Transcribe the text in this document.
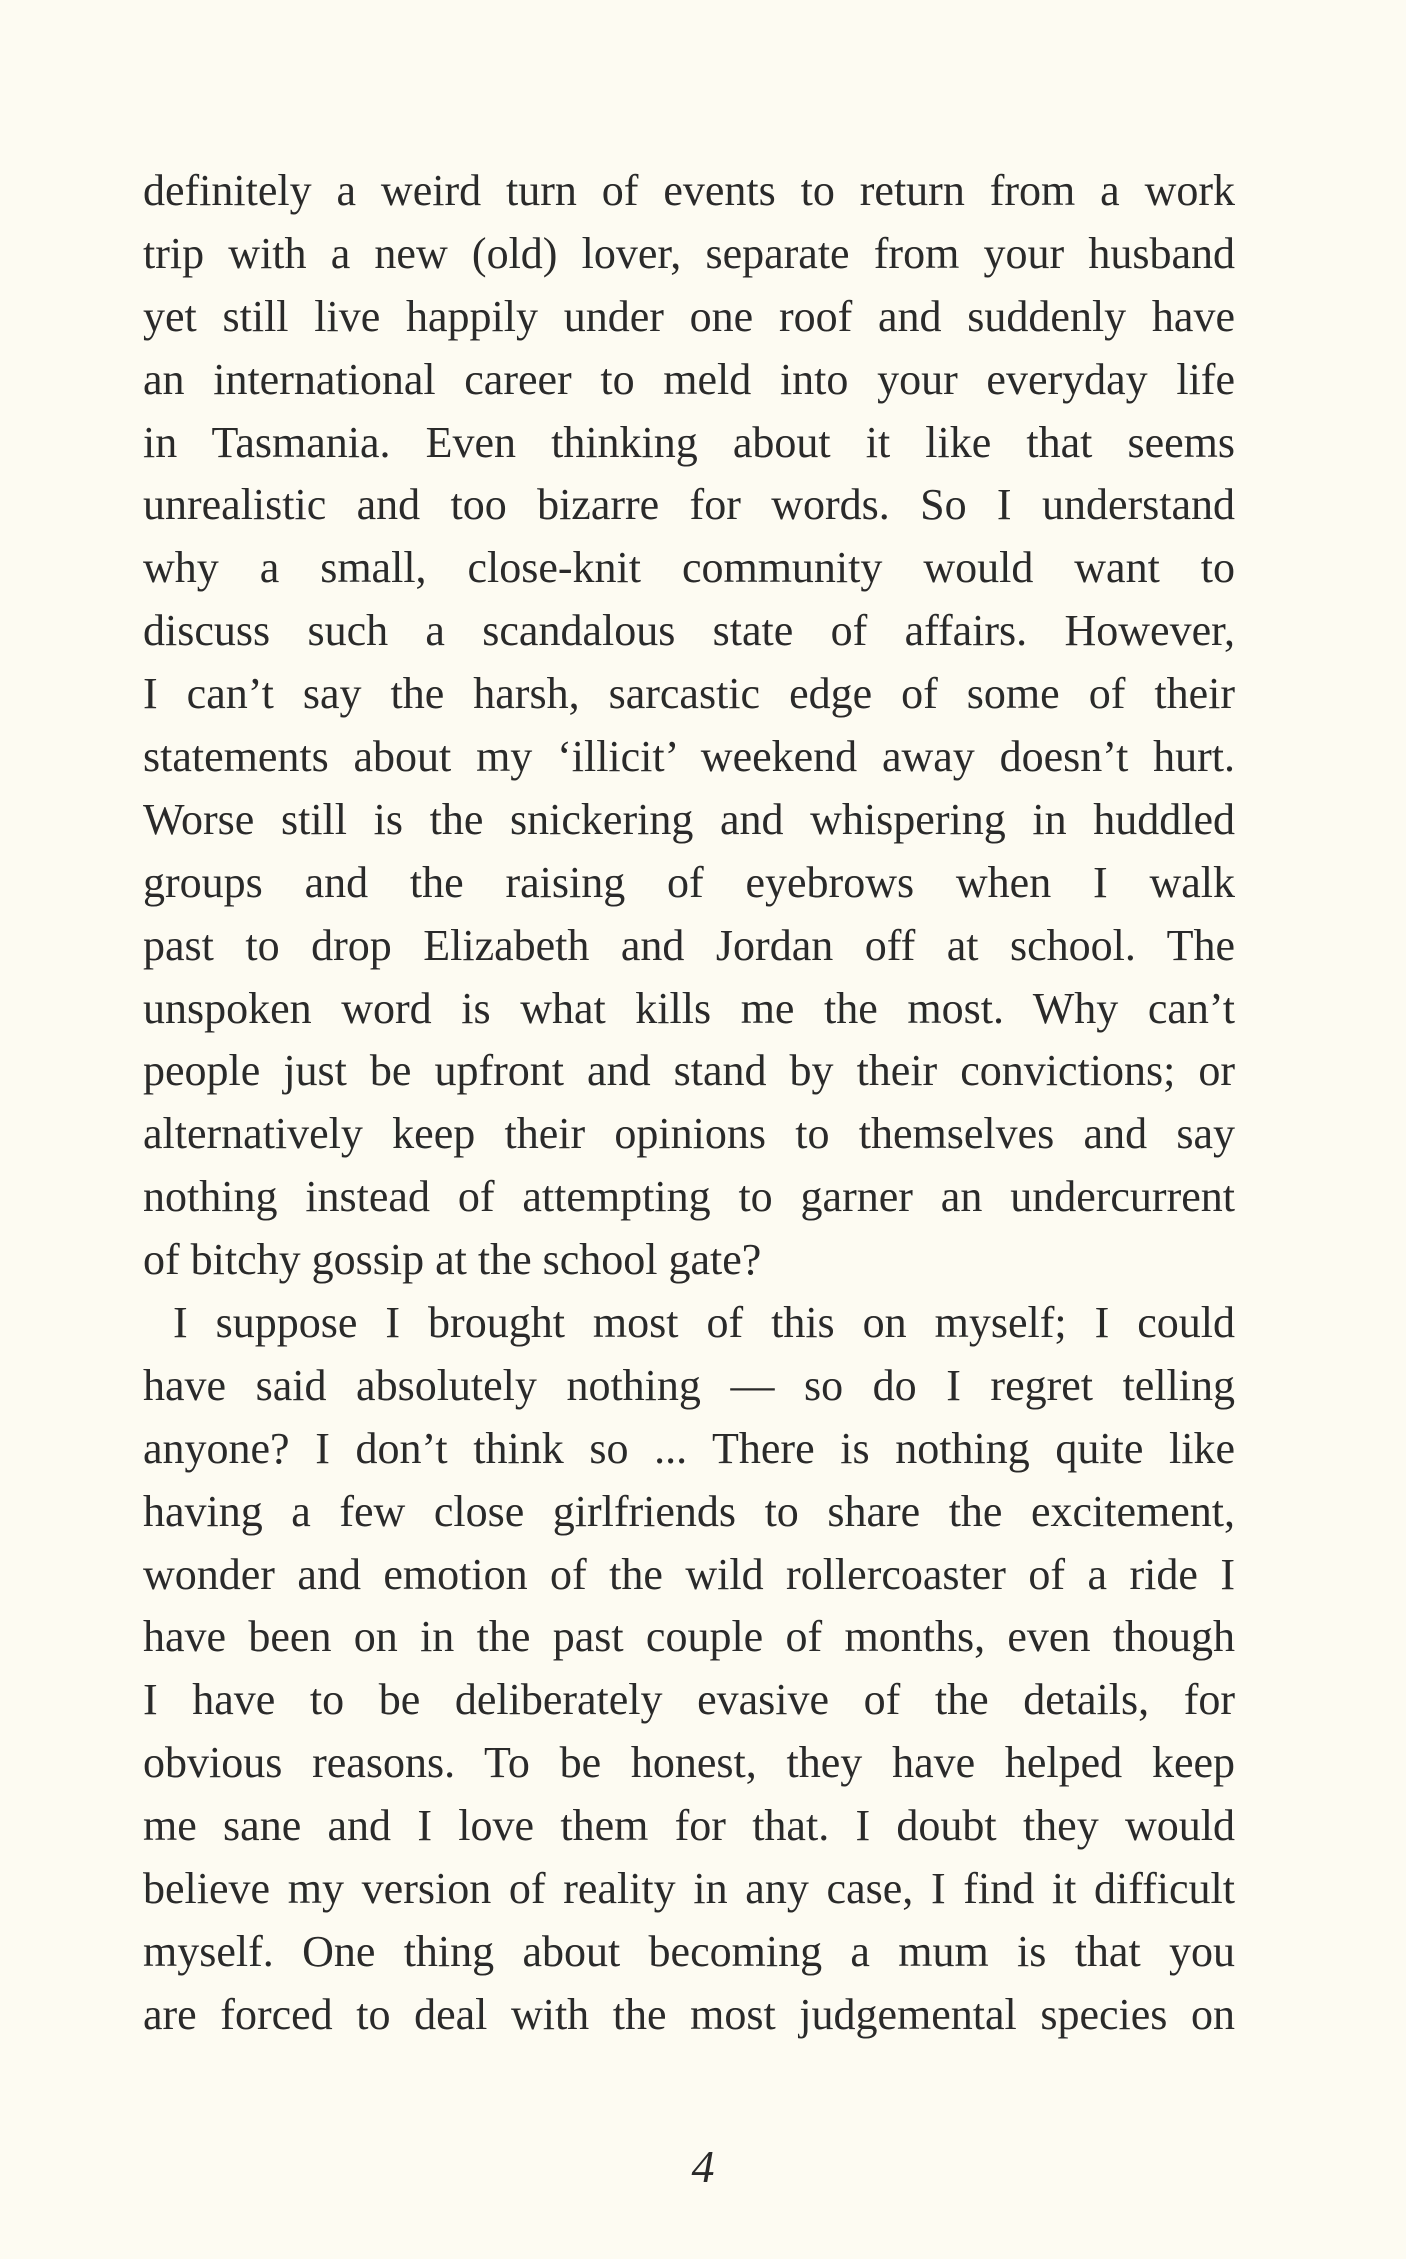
definitely a weird turn of events to return from a work
trip with a new (old) lover, separate from your husband
yet still live happily under one roof and suddenly have
an international career to meld into your everyday life
in Tasmania. Even thinking about it like that seems
unrealistic and too bizarre for words. So I understand
why a small, close-knit community would want to
discuss such a scandalous state of affairs. However,
I can’t say the harsh, sarcastic edge of some of their
statements about my ‘illicit’ weekend away doesn’t hurt.
Worse still is the snickering and whispering in huddled
groups and the raising of eyebrows when I walk
past to drop Elizabeth and Jordan off at school. The
unspoken word is what kills me the most. Why can’t
people just be upfront and stand by their convictions; or
alternatively keep their opinions to themselves and say
nothing instead of attempting to garner an undercurrent
of bitchy gossip at the school gate?
I suppose I brought most of this on myself; I could
have said absolutely nothing — so do I regret telling
anyone? I don’t think so ... There is nothing quite like
having a few close girlfriends to share the excitement,
wonder and emotion of the wild rollercoaster of a ride I
have been on in the past couple of months, even though
I have to be deliberately evasive of the details, for
obvious reasons. To be honest, they have helped keep
me sane and I love them for that. I doubt they would
believe my version of reality in any case, I find it difficult
myself. One thing about becoming a mum is that you
are forced to deal with the most judgemental species on
4
